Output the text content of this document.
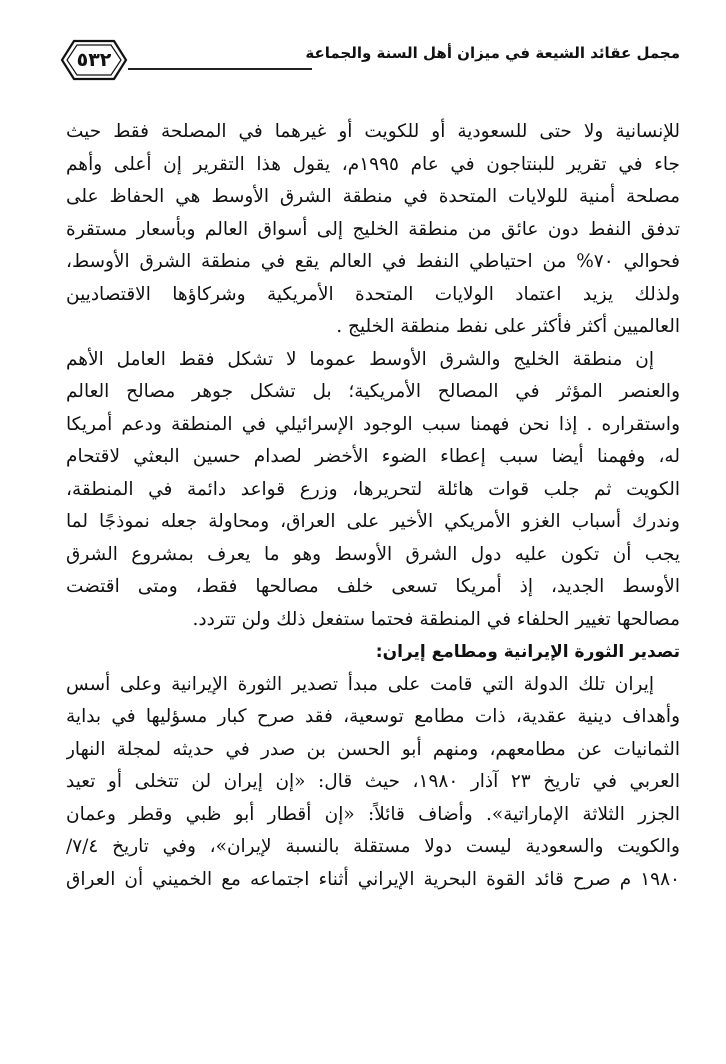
٥٣٢	مجمل عقائد الشيعة في ميزان أهل السنة والجماعة
للإنسانية ولا حتى للسعودية أو للكويت أو غيرهما في المصلحة فقط حيث
جاء في تقرير للبنتاجون في عام ١٩٩٥م، يقول هذا التقرير إن أعلى وأهم
مصلحة أمنية للولايات المتحدة في منطقة الشرق الأوسط هي الحفاظ على
تدفق النفط دون عائق من منطقة الخليج إلى أسواق العالم وبأسعار مستقرة
فحوالي ٧٠% من احتياطي النفط في العالم يقع في منطقة الشرق الأوسط،
ولذلك يزيد اعتماد الولايات المتحدة الأمريكية وشركاؤها الاقتصاديين
العالميين أكثر فأكثر على نفط منطقة الخليج .
إن منطقة الخليج والشرق الأوسط عموما لا تشكل فقط العامل الأهم
والعنصر المؤثر في المصالح الأمريكية؛ بل تشكل جوهر مصالح العالم
واستقراره . إذا نحن فهمنا سبب الوجود الإسرائيلي في المنطقة ودعم أمريكا
له، وفهمنا أيضا سبب إعطاء الضوء الأخضر لصدام حسين البعثي لاقتحام
الكويت ثم جلب قوات هائلة لتحريرها، وزرع قواعد دائمة في المنطقة،
وندرك أسباب الغزو الأمريكي الأخير على العراق، ومحاولة جعله نموذجًا لما
يجب أن تكون عليه دول الشرق الأوسط وهو ما يعرف بمشروع الشرق
الأوسط الجديد، إذ أمريكا تسعى خلف مصالحها فقط، ومتى اقتضت
مصالحها تغيير الحلفاء في المنطقة فحتما ستفعل ذلك ولن تتردد.
تصدير الثورة الإيرانية ومطامع إيران:
إيران تلك الدولة التي قامت على مبدأ تصدير الثورة الإيرانية وعلى أسس
وأهداف دينية عقدية، ذات مطامع توسعية، فقد صرح كبار مسؤليها في بداية
الثمانيات عن مطامعهم، ومنهم أبو الحسن بن صدر في حديثه لمجلة النهار
العربي في تاريخ ٢٣ آذار ١٩٨٠، حيث قال: «إن إيران لن تتخلى أو تعيد
الجزر الثلاثة الإماراتية». وأضاف قائلاً: «إن أقطار أبو ظبي وقطر وعمان
والكويت والسعودية ليست دولا مستقلة بالنسبة لإيران»، وفي تاريخ ٧/٤/
١٩٨٠ م صرح قائد القوة البحرية الإيراني أثناء اجتماعه مع الخميني أن العراق
